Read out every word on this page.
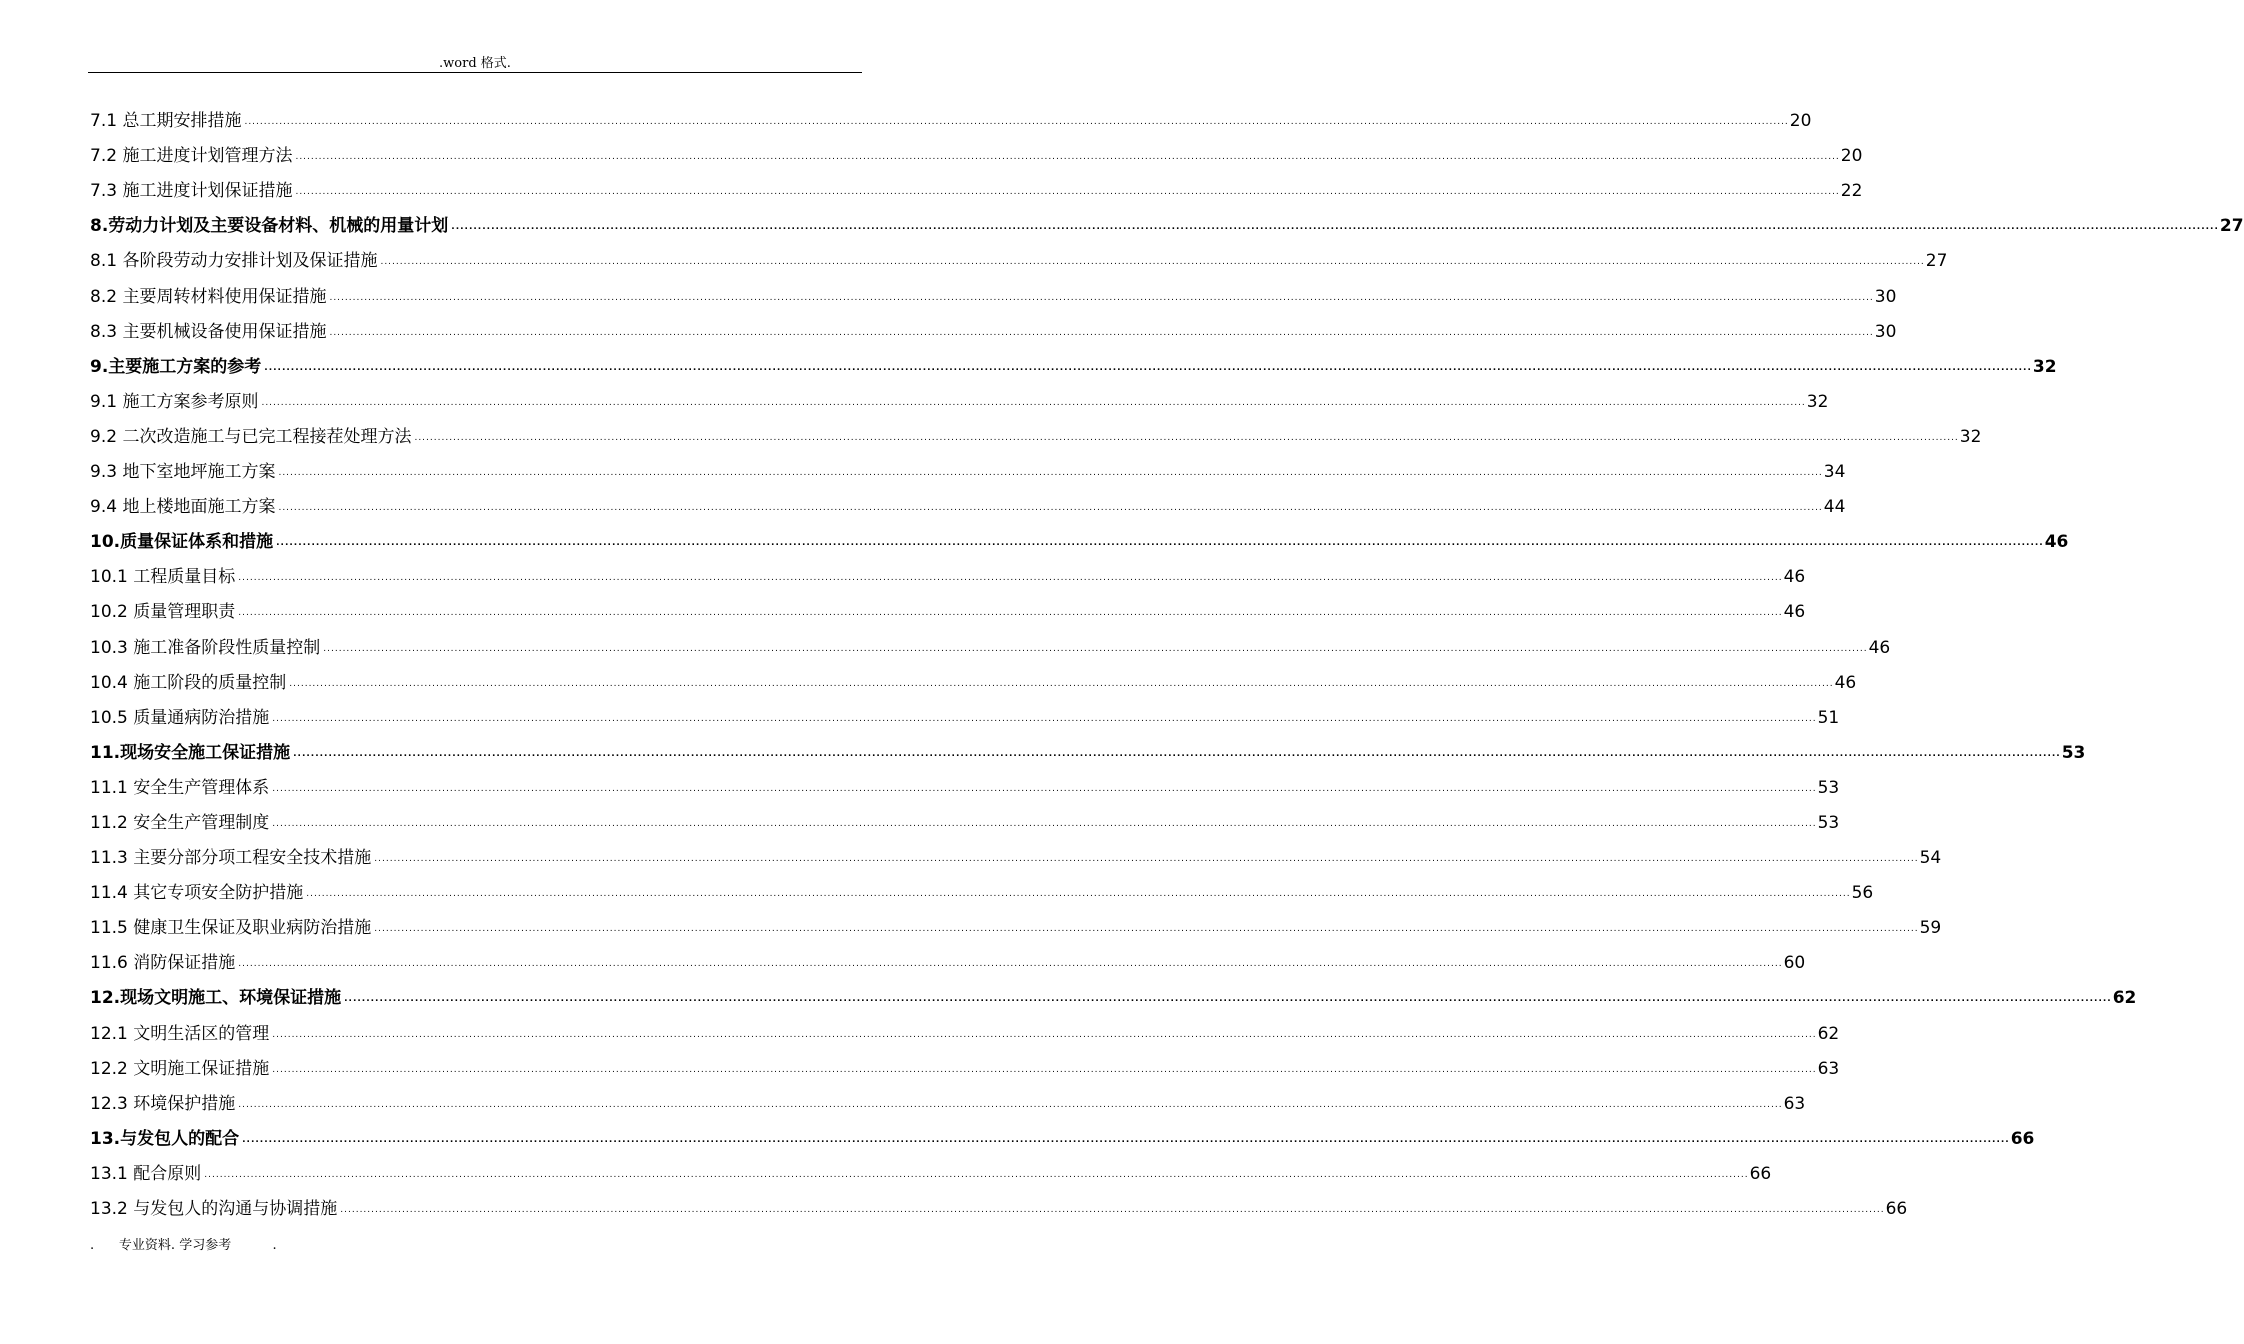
.word 格式.
7.1 总工期安排措施 ................................................................................................................................................................................................................................................................................................................................................................................................................ 20
7.2 施工进度计划管理方法 ................................................................................................................................................................................................................................................................................................................................................................................................................ 20
7.3 施工进度计划保证措施 ................................................................................................................................................................................................................................................................................................................................................................................................................ 22
8.劳动力计划及主要设备材料、机械的用量计划 ................................................................................................................................................................................................................................................................................................................................................................................................................ 27
8.1 各阶段劳动力安排计划及保证措施 ................................................................................................................................................................................................................................................................................................................................................................................................................ 27
8.2 主要周转材料使用保证措施 ................................................................................................................................................................................................................................................................................................................................................................................................................ 30
8.3 主要机械设备使用保证措施 ................................................................................................................................................................................................................................................................................................................................................................................................................ 30
9.主要施工方案的参考 ................................................................................................................................................................................................................................................................................................................................................................................................................ 32
9.1 施工方案参考原则 ................................................................................................................................................................................................................................................................................................................................................................................................................ 32
9.2 二次改造施工与已完工程接茬处理方法 ................................................................................................................................................................................................................................................................................................................................................................................................................ 32
9.3 地下室地坪施工方案 ................................................................................................................................................................................................................................................................................................................................................................................................................ 34
9.4 地上楼地面施工方案 ................................................................................................................................................................................................................................................................................................................................................................................................................ 44
10.质量保证体系和措施 ................................................................................................................................................................................................................................................................................................................................................................................................................ 46
10.1 工程质量目标 ................................................................................................................................................................................................................................................................................................................................................................................................................ 46
10.2 质量管理职责 ................................................................................................................................................................................................................................................................................................................................................................................................................ 46
10.3 施工准备阶段性质量控制 ................................................................................................................................................................................................................................................................................................................................................................................................................ 46
10.4 施工阶段的质量控制 ................................................................................................................................................................................................................................................................................................................................................................................................................ 46
10.5 质量通病防治措施 ................................................................................................................................................................................................................................................................................................................................................................................................................ 51
11.现场安全施工保证措施 ................................................................................................................................................................................................................................................................................................................................................................................................................ 53
11.1 安全生产管理体系 ................................................................................................................................................................................................................................................................................................................................................................................................................ 53
11.2 安全生产管理制度 ................................................................................................................................................................................................................................................................................................................................................................................................................ 53
11.3 主要分部分项工程安全技术措施 ................................................................................................................................................................................................................................................................................................................................................................................................................ 54
11.4 其它专项安全防护措施 ................................................................................................................................................................................................................................................................................................................................................................................................................ 56
11.5 健康卫生保证及职业病防治措施 ................................................................................................................................................................................................................................................................................................................................................................................................................ 59
11.6 消防保证措施 ................................................................................................................................................................................................................................................................................................................................................................................................................ 60
12.现场文明施工、环境保证措施 ................................................................................................................................................................................................................................................................................................................................................................................................................ 62
12.1 文明生活区的管理 ................................................................................................................................................................................................................................................................................................................................................................................................................ 62
12.2 文明施工保证措施 ................................................................................................................................................................................................................................................................................................................................................................................................................ 63
12.3 环境保护措施 ................................................................................................................................................................................................................................................................................................................................................................................................................ 63
13.与发包人的配合 ................................................................................................................................................................................................................................................................................................................................................................................................................ 66
13.1 配合原则 ................................................................................................................................................................................................................................................................................................................................................................................................................ 66
13.2 与发包人的沟通与协调措施 ................................................................................................................................................................................................................................................................................................................................................................................................................ 66
.      专业资料. 学习参考          .
